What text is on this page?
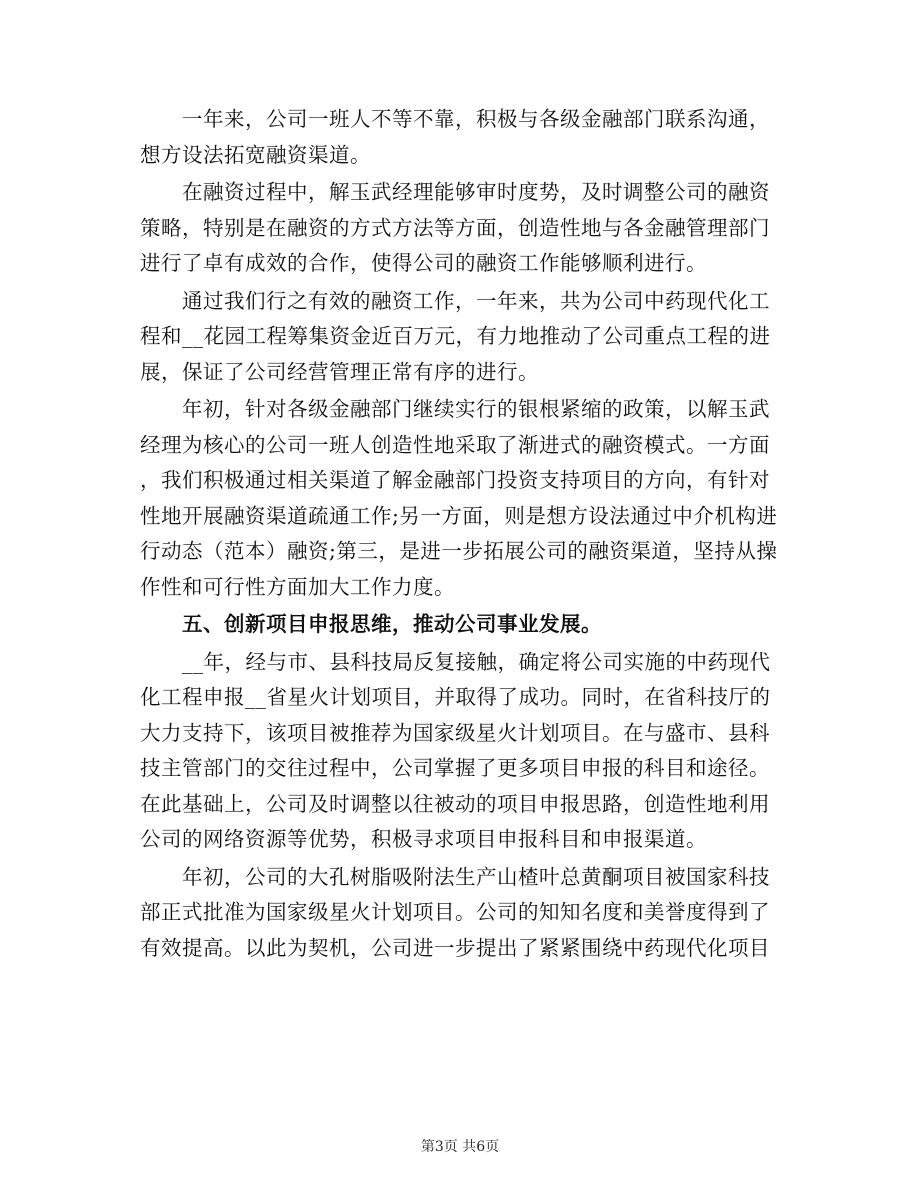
一年来，公司一班人不等不靠，积极与各级金融部门联系沟通，
想方设法拓宽融资渠道。

在融资过程中，解玉武经理能够审时度势，及时调整公司的融资
策略，特别是在融资的方式方法等方面，创造性地与各金融管理部门
进行了卓有成效的合作，使得公司的融资工作能够顺利进行。

通过我们行之有效的融资工作，一年来，共为公司中药现代化工
程和__花园工程筹集资金近百万元，有力地推动了公司重点工程的进
展，保证了公司经营管理正常有序的进行。

年初，针对各级金融部门继续实行的银根紧缩的政策，以解玉武
经理为核心的公司一班人创造性地采取了渐进式的融资模式。一方面
，我们积极通过相关渠道了解金融部门投资支持项目的方向，有针对
性地开展融资渠道疏通工作;另一方面，则是想方设法通过中介机构进
行动态（范本）融资;第三，是进一步拓展公司的融资渠道，坚持从操
作性和可行性方面加大工作力度。

五、创新项目申报思维，推动公司事业发展。

__年，经与市、县科技局反复接触，确定将公司实施的中药现代
化工程申报__省星火计划项目，并取得了成功。同时，在省科技厅的
大力支持下，该项目被推荐为国家级星火计划项目。在与盛市、县科
技主管部门的交往过程中，公司掌握了更多项目申报的科目和途径。
在此基础上，公司及时调整以往被动的项目申报思路，创造性地利用
公司的网络资源等优势，积极寻求项目申报科目和申报渠道。

年初，公司的大孔树脂吸附法生产山楂叶总黄酮项目被国家科技
部正式批准为国家级星火计划项目。公司的知知名度和美誉度得到了
有效提高。以此为契机，公司进一步提出了紧紧围绕中药现代化项目

第3页 共6页
